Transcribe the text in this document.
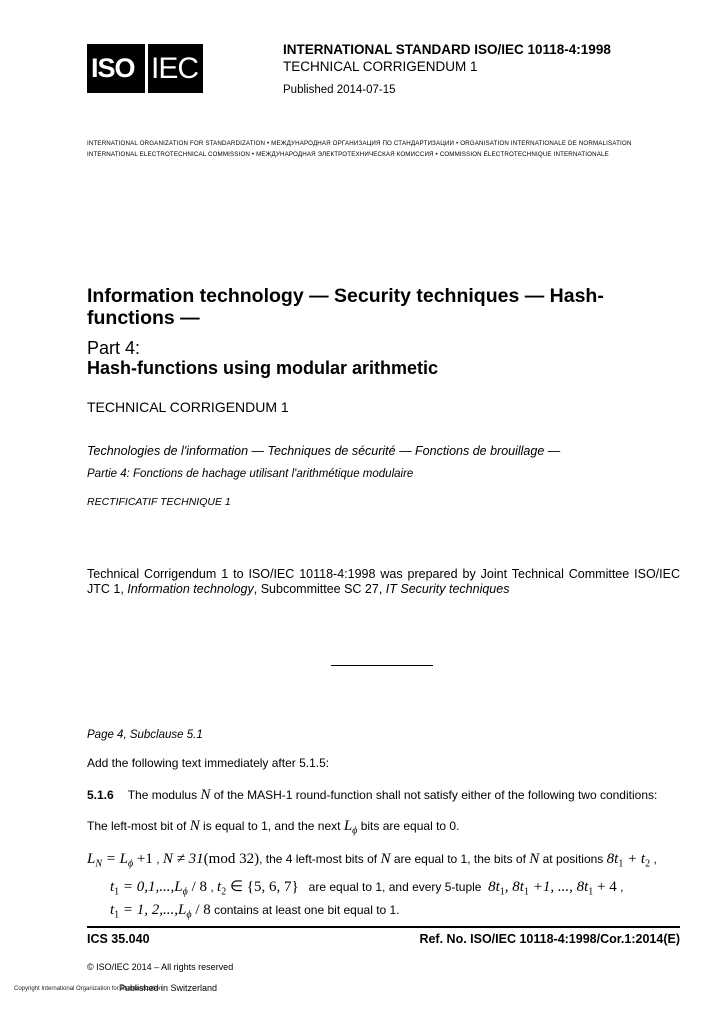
ISO IEC
INTERNATIONAL STANDARD ISO/IEC 10118-4:1998
TECHNICAL CORRIGENDUM 1
Published 2014-07-15
INTERNATIONAL ORGANIZATION FOR STANDARDIZATION • МЕЖДУНАРОДНАЯ ОРГАНИЗАЦИЯ ПО СТАНДАРТИЗАЦИИ • ORGANISATION INTERNATIONALE DE NORMALISATION
INTERNATIONAL ELECTROTECHNICAL COMMISSION • МЕЖДУНАРОДНАЯ ЭЛЕКТРОТЕХНИЧЕСКАЯ КОМИССИЯ • COMMISSION ÉLECTROTECHNIQUE INTERNATIONALE
Information technology — Security techniques — Hash-functions —
Part 4:
Hash-functions using modular arithmetic
TECHNICAL CORRIGENDUM 1
Technologies de l'information — Techniques de sécurité — Fonctions de brouillage —
Partie 4: Fonctions de hachage utilisant l'arithmétique modulaire
RECTIFICATIF TECHNIQUE 1
Technical Corrigendum 1 to ISO/IEC 10118-4:1998 was prepared by Joint Technical Committee ISO/IEC JTC 1, Information technology, Subcommittee SC 27, IT Security techniques
Page 4, Subclause 5.1
Add the following text immediately after 5.1.5:
5.1.6 The modulus N of the MASH-1 round-function shall not satisfy either of the following two conditions:
The left-most bit of N is equal to 1, and the next $L_\phi$ bits are equal to 0.
$L_N = L_\phi +1$ , N ≠ 31(mod 32), the 4 left-most bits of N are equal to 1, the bits of N at positions $8t_1 + t_2$ ,
$t_1 = 0,1,...,L_\phi / 8$ , $t_2$ ∈ {5, 6, 7} are equal to 1, and every 5-tuple $8t_1$, $8t_1 +1$, ..., $8t_1 + 4$ ,
$t_1 = 1$, $2,...,L_\phi / 8$ contains at least one bit equal to 1.
ICS 35.040	Ref. No. ISO/IEC 10118-4:1998/Cor.1:2014(E)
© ISO/IEC 2014 – All rights reserved
Published in Switzerland
Copyright International Organization for Standardization
